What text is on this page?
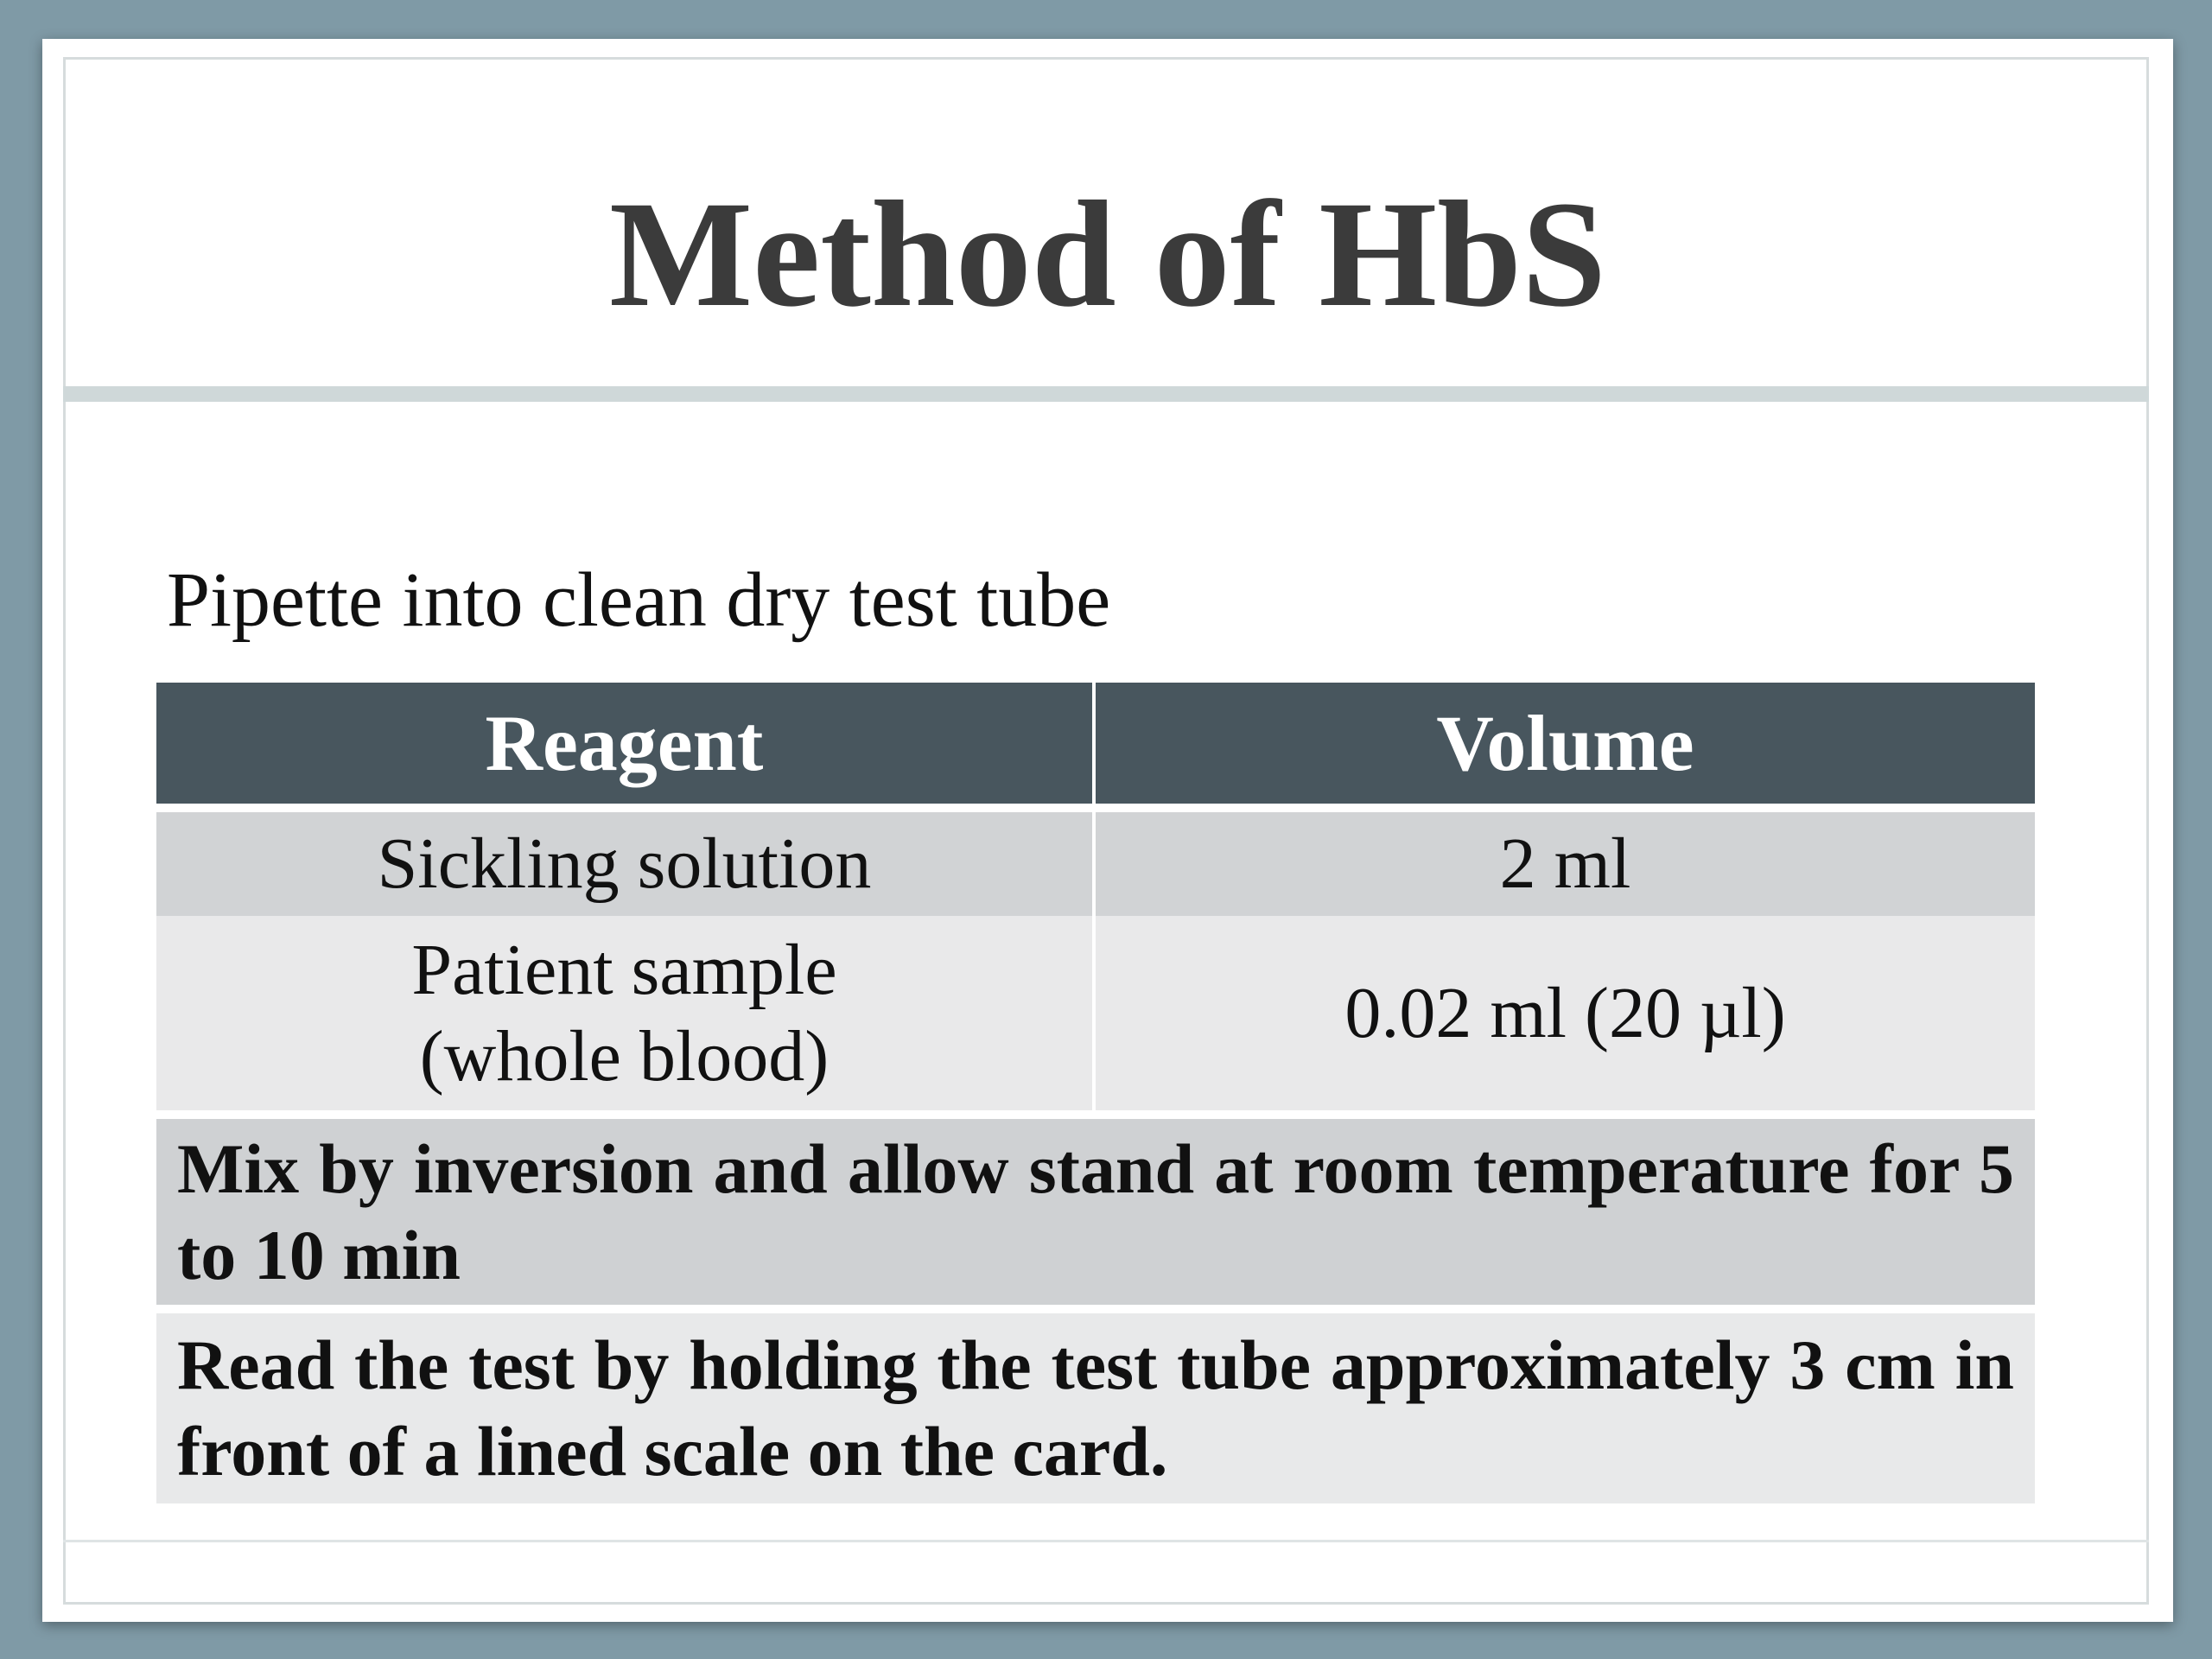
Method of HbS
Pipette into clean dry test tube
Reagent	Volume

Sickling solution	2 ml
Patient sample (whole blood)	0.02 ml (20 µl)

Mix by inversion and allow stand at room temperature for 5 to 10 min	

Read the test by holding the test tube approximately 3 cm in front of a lined scale on the card.	
